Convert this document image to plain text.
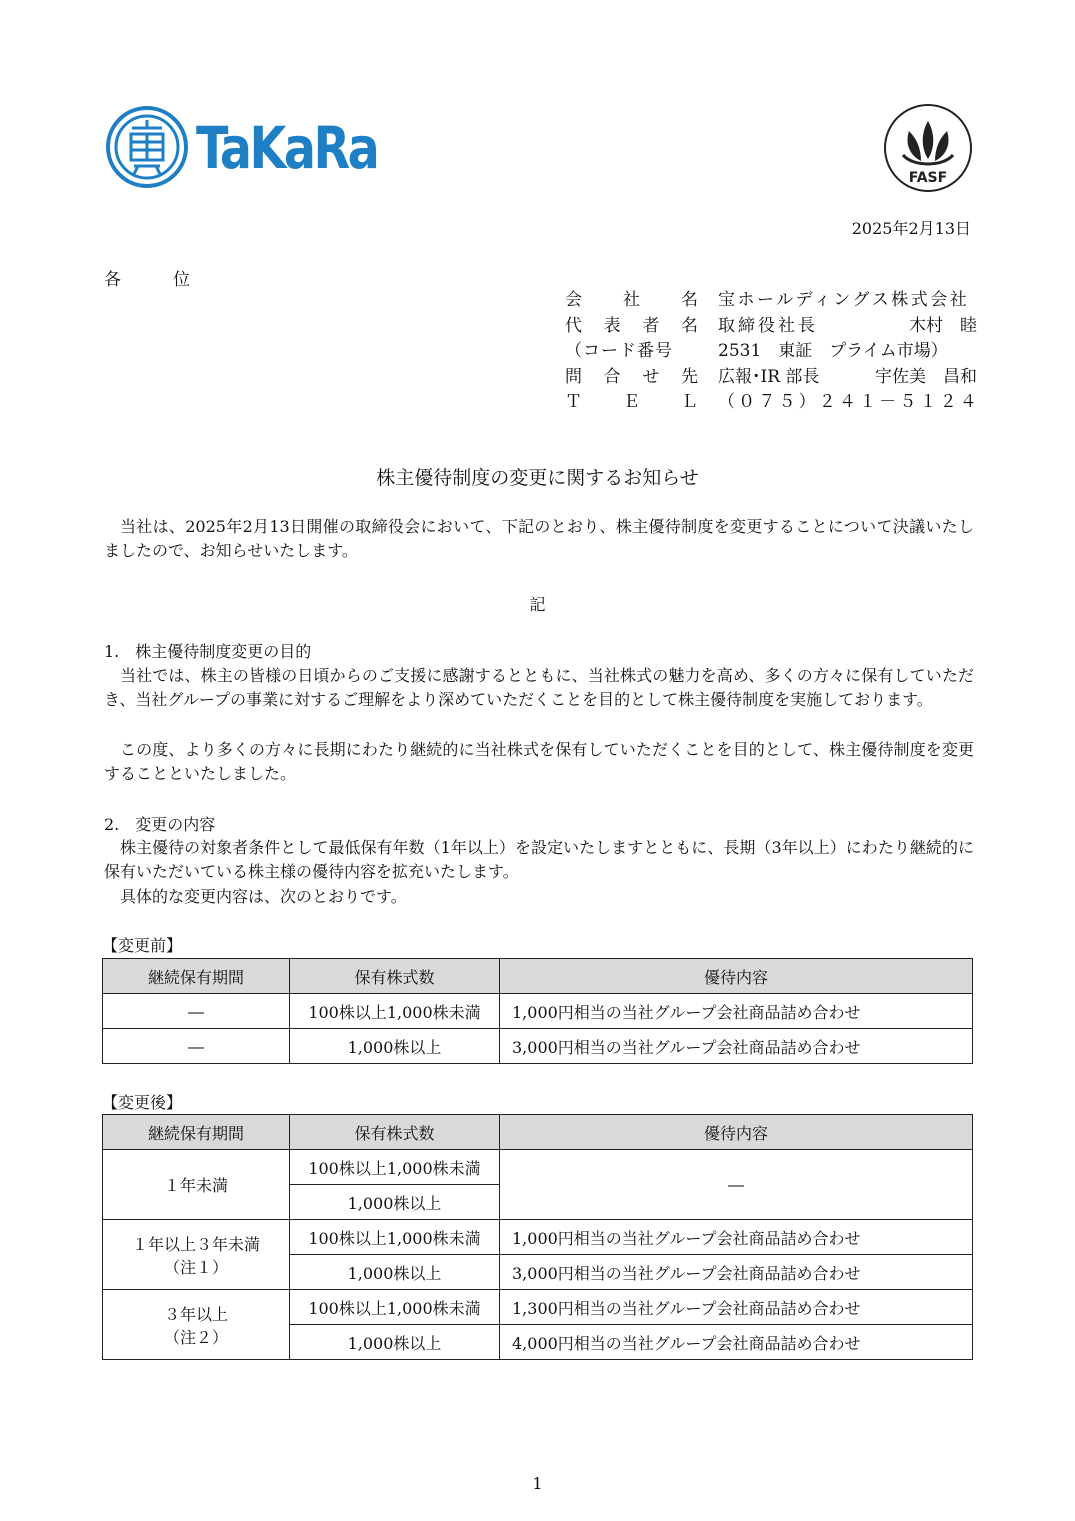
TaKaRa	FASF
2025年2月13日
各	位
会 社 名 宝ホールディングス株式会社
代 表 者 名 取締役社長	木村　睦
（コード番号	2531　東証　プライム市場）
問 合 せ 先 広報･IR 部長	宇佐美　昌和
Ｔ Ｅ Ｌ （ ０ ７ ５ ） ２ ４ １ － ５ １ ２ ４
株主優待制度の変更に関するお知らせ
当社は、2025年2月13日開催の取締役会において、下記のとおり、株主優待制度を変更することについて決議いたしましたので、お知らせいたします。
記
1.　株主優待制度変更の目的
当社では、株主の皆様の日頃からのご支援に感謝するとともに、当社株式の魅力を高め、多くの方々に保有していただき、当社グループの事業に対するご理解をより深めていただくことを目的として株主優待制度を実施しております。
この度、より多くの方々に長期にわたり継続的に当社株式を保有していただくことを目的として、株主優待制度を変更することといたしました。
2.　変更の内容
株主優待の対象者条件として最低保有年数（1年以上）を設定いたしますとともに、長期（3年以上）にわたり継続的に保有いただいている株主様の優待内容を拡充いたします。
具体的な変更内容は、次のとおりです。
【変更前】
継続保有期間	保有株式数	優待内容
―	100株以上1,000株未満	1,000円相当の当社グループ会社商品詰め合わせ
―	1,000株以上	3,000円相当の当社グループ会社商品詰め合わせ
【変更後】
継続保有期間	保有株式数	優待内容
１年未満	100株以上1,000株未満	―
	1,000株以上	

１年以上３年未満
（注１）	100株以上1,000株未満	1,000円相当の当社グループ会社商品詰め合わせ
	1,000株以上	3,000円相当の当社グループ会社商品詰め合わせ

３年以上
（注２）	100株以上1,000株未満	1,300円相当の当社グループ会社商品詰め合わせ
	1,000株以上	4,000円相当の当社グループ会社商品詰め合わせ
1
